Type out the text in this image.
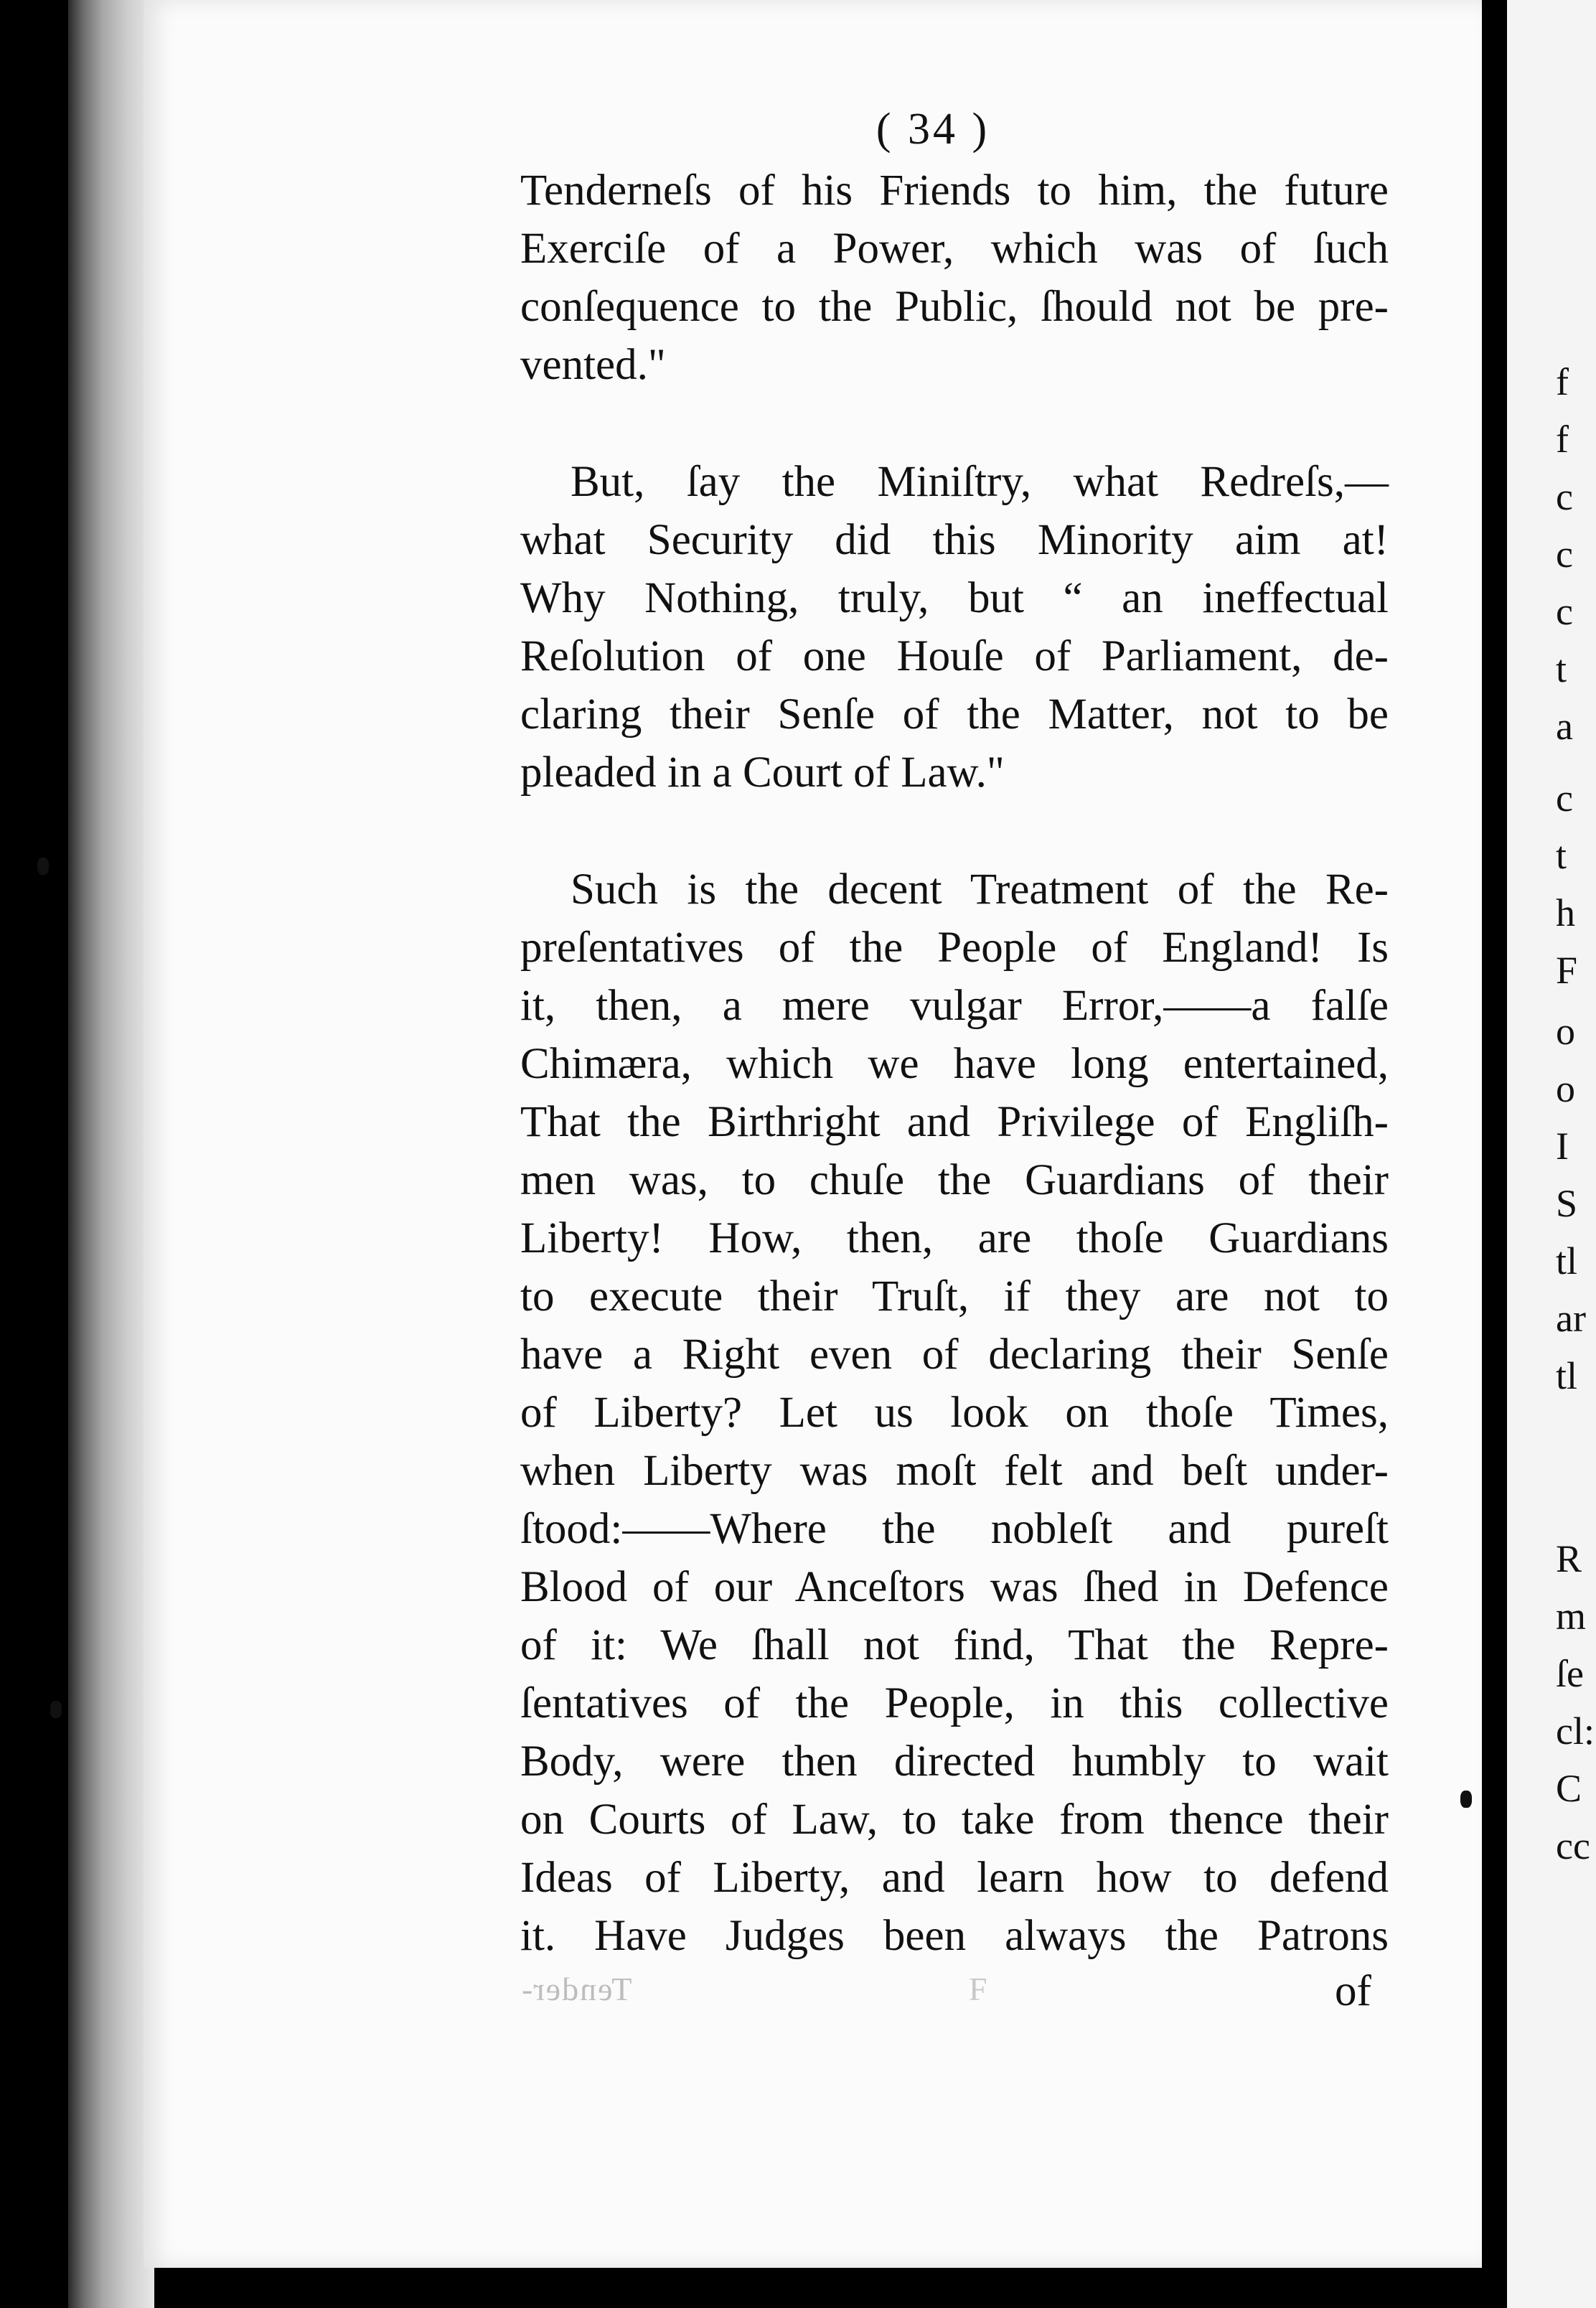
f
f
c
c
c
t
a
c
t
h
F
o
o
I
S
tl
ar
tl
R
m
ſe
cl:
C
cc
( 34 )
Tenderneſs of his Friends to him, the future
Exerciſe of a Power, which was of ſuch
conſequence to the Public, ſhould not be pre-
vented."
But, ſay the Miniſtry, what Redreſs,—
what Security did this Minority aim at!
Why Nothing, truly, but “ an ineffectual
Reſolution of one Houſe of Parliament, de-
claring their Senſe of the Matter, not to be
pleaded in a Court of Law."
Such is the decent Treatment of the Re-
preſentatives of the People of England! Is
it, then, a mere vulgar Error,——a falſe
Chimæra, which we have long entertained,
That the Birthright and Privilege of Engliſh-
men was, to chuſe the Guardians of their
Liberty! How, then, are thoſe Guardians
to execute their Truſt, if they are not to
have a Right even of declaring their Senſe
of Liberty? Let us look on thoſe Times,
when Liberty was moſt felt and beſt under-
ſtood:——Where the nobleſt and pureſt
Blood of our Anceſtors was ſhed in Defence
of it: We ſhall not find, That the Repre-
ſentatives of the People, in this collective
Body, were then directed humbly to wait
on Courts of Law, to take from thence their
Ideas of Liberty, and learn how to defend
it. Have Judges been always the Patrons
Tender-	F	of
